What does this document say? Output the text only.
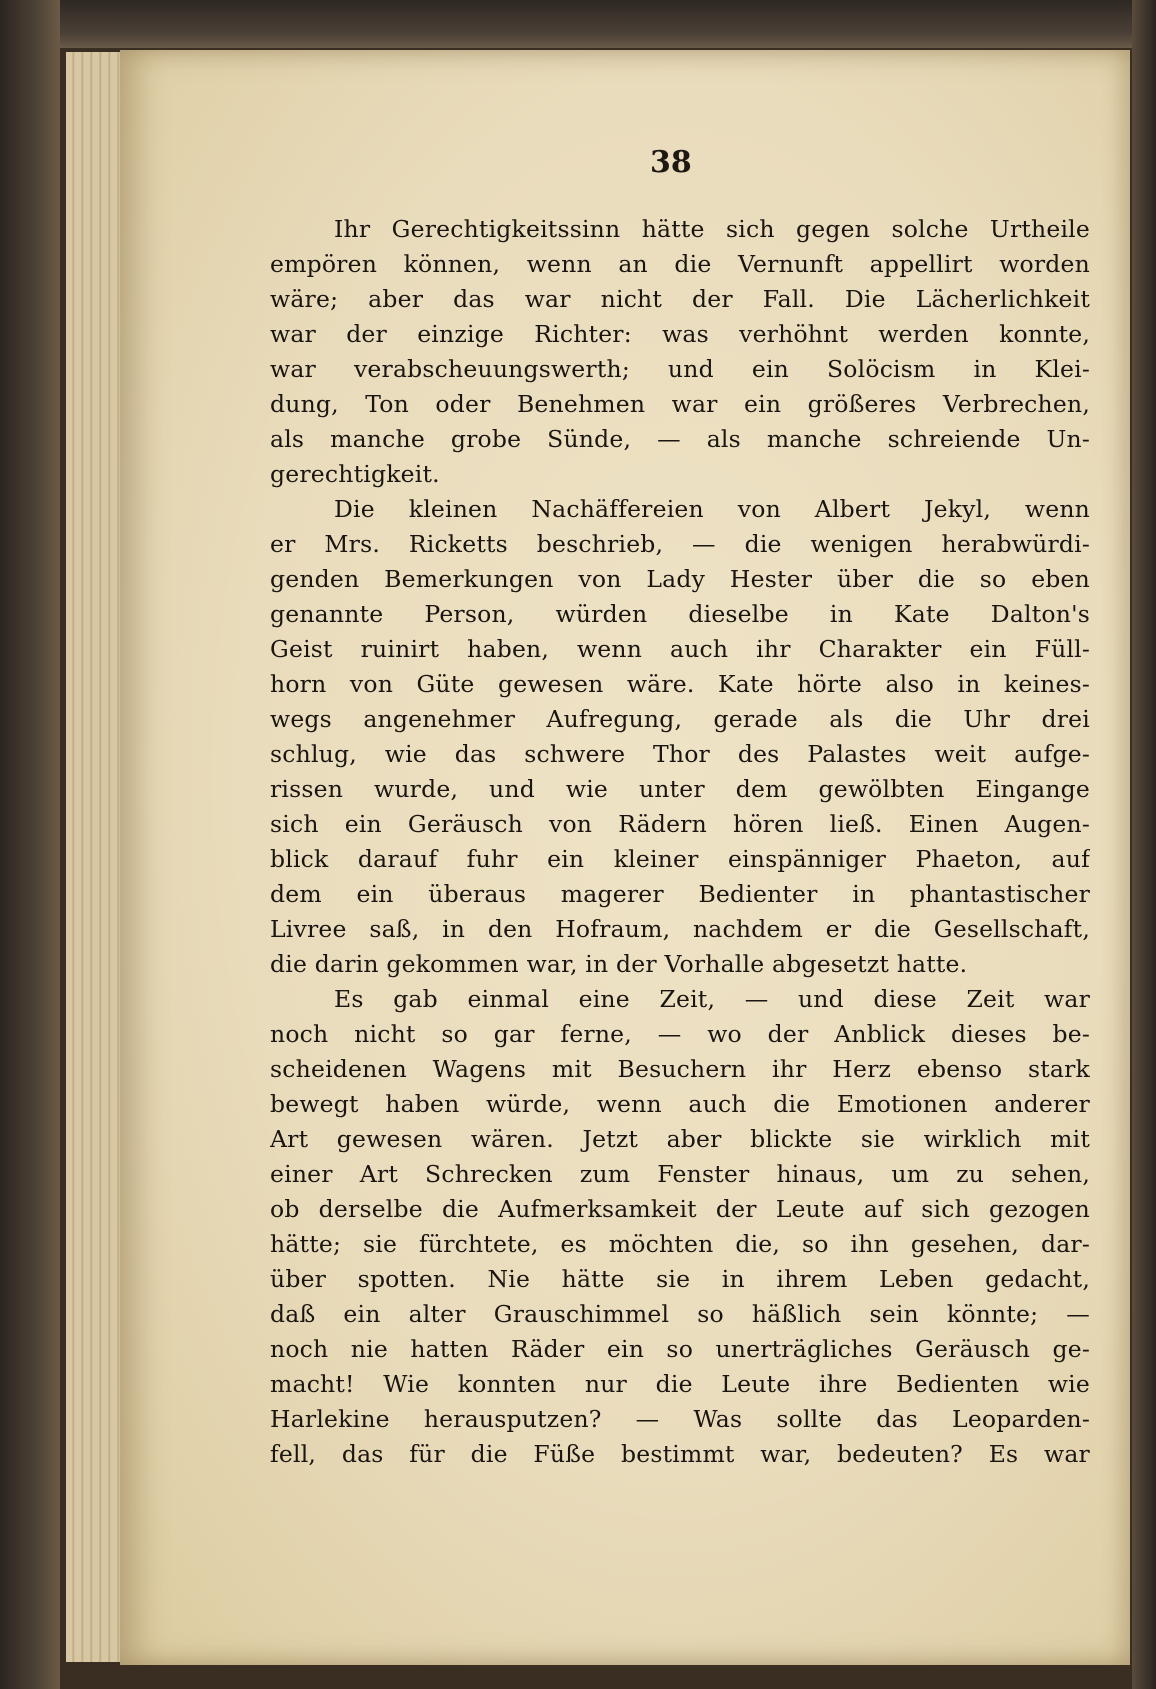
38
Ihr Gerechtigkeitssinn hätte sich gegen solche Urtheile
empören können, wenn an die Vernunft appellirt worden
wäre; aber das war nicht der Fall. Die Lächerlichkeit
war der einzige Richter: was verhöhnt werden konnte,
war verabscheuungswerth; und ein Solöcism in Klei-
dung, Ton oder Benehmen war ein größeres Verbrechen,
als manche grobe Sünde, — als manche schreiende Un-
gerechtigkeit.
Die kleinen Nachäffereien von Albert Jekyl, wenn
er Mrs. Ricketts beschrieb, — die wenigen herabwürdi-
genden Bemerkungen von Lady Hester über die so eben
genannte Person, würden dieselbe in Kate Dalton's
Geist ruinirt haben, wenn auch ihr Charakter ein Füll-
horn von Güte gewesen wäre. Kate hörte also in keines-
wegs angenehmer Aufregung, gerade als die Uhr drei
schlug, wie das schwere Thor des Palastes weit aufge-
rissen wurde, und wie unter dem gewölbten Eingange
sich ein Geräusch von Rädern hören ließ. Einen Augen-
blick darauf fuhr ein kleiner einspänniger Phaeton, auf
dem ein überaus magerer Bedienter in phantastischer
Livree saß, in den Hofraum, nachdem er die Gesellschaft,
die darin gekommen war, in der Vorhalle abgesetzt hatte.
Es gab einmal eine Zeit, — und diese Zeit war
noch nicht so gar ferne, — wo der Anblick dieses be-
scheidenen Wagens mit Besuchern ihr Herz ebenso stark
bewegt haben würde, wenn auch die Emotionen anderer
Art gewesen wären. Jetzt aber blickte sie wirklich mit
einer Art Schrecken zum Fenster hinaus, um zu sehen,
ob derselbe die Aufmerksamkeit der Leute auf sich gezogen
hätte; sie fürchtete, es möchten die, so ihn gesehen, dar-
über spotten. Nie hätte sie in ihrem Leben gedacht,
daß ein alter Grauschimmel so häßlich sein könnte; —
noch nie hatten Räder ein so unerträgliches Geräusch ge-
macht! Wie konnten nur die Leute ihre Bedienten wie
Harlekine herausputzen? — Was sollte das Leoparden-
fell, das für die Füße bestimmt war, bedeuten? Es war
